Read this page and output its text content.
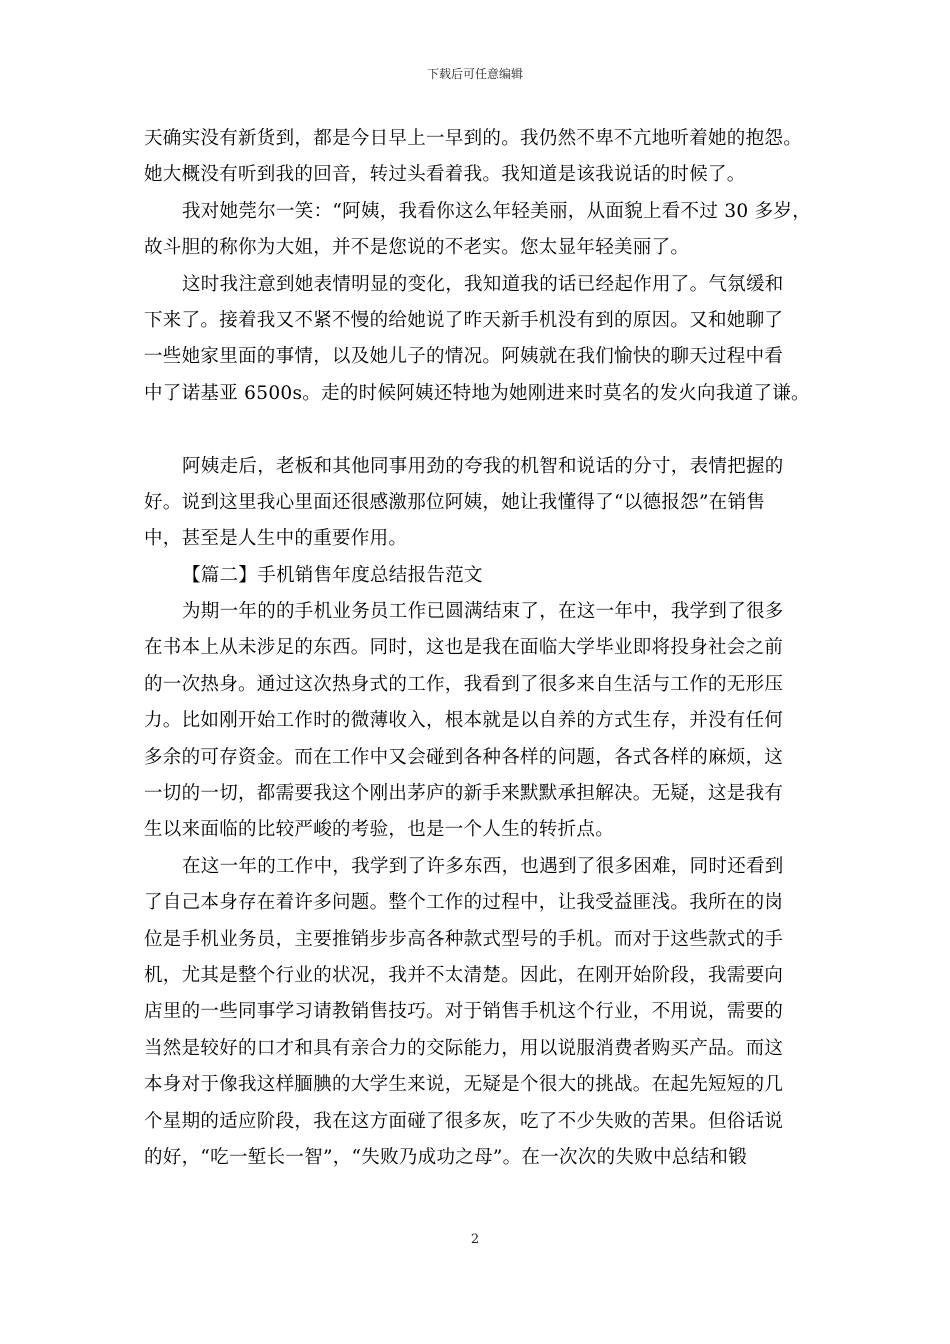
下载后可任意编辑
天确实没有新货到，都是今日早上一早到的。我仍然不卑不亢地听着她的抱怨。
她大概没有听到我的回音，转过头看着我。我知道是该我说话的时候了。
我对她莞尔一笑：“阿姨，我看你这么年轻美丽，从面貌上看不过 30 多岁，
故斗胆的称你为大姐，并不是您说的不老实。您太显年轻美丽了。
这时我注意到她表情明显的变化，我知道我的话已经起作用了。气氛缓和
下来了。接着我又不紧不慢的给她说了昨天新手机没有到的原因。又和她聊了
一些她家里面的事情，以及她儿子的情况。阿姨就在我们愉快的聊天过程中看
中了诺基亚 6500s。走的时候阿姨还特地为她刚进来时莫名的发火向我道了谦。
阿姨走后，老板和其他同事用劲的夸我的机智和说话的分寸，表情把握的
好。说到这里我心里面还很感激那位阿姨，她让我懂得了“以德报怨”在销售
中，甚至是人生中的重要作用。
【篇二】手机销售年度总结报告范文
为期一年的的手机业务员工作已圆满结束了，在这一年中，我学到了很多
在书本上从未涉足的东西。同时，这也是我在面临大学毕业即将投身社会之前
的一次热身。通过这次热身式的工作，我看到了很多来自生活与工作的无形压
力。比如刚开始工作时的微薄收入，根本就是以自养的方式生存，并没有任何
多余的可存资金。而在工作中又会碰到各种各样的问题，各式各样的麻烦，这
一切的一切，都需要我这个刚出茅庐的新手来默默承担解决。无疑，这是我有
生以来面临的比较严峻的考验，也是一个人生的转折点。
在这一年的工作中，我学到了许多东西，也遇到了很多困难，同时还看到
了自己本身存在着许多问题。整个工作的过程中，让我受益匪浅。我所在的岗
位是手机业务员，主要推销步步高各种款式型号的手机。而对于这些款式的手
机，尤其是整个行业的状况，我并不太清楚。因此，在刚开始阶段，我需要向
店里的一些同事学习请教销售技巧。对于销售手机这个行业，不用说，需要的
当然是较好的口才和具有亲合力的交际能力，用以说服消费者购买产品。而这
本身对于像我这样腼腆的大学生来说，无疑是个很大的挑战。在起先短短的几
个星期的适应阶段，我在这方面碰了很多灰，吃了不少失败的苦果。但俗话说
的好，“吃一堑长一智”，“失败乃成功之母”。在一次次的失败中总结和锻
2
